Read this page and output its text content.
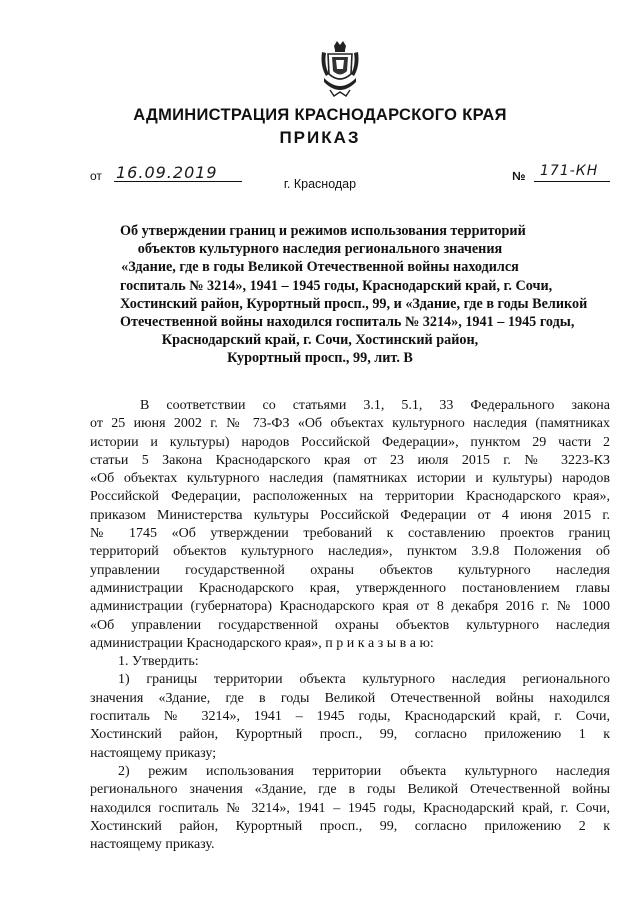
АДМИНИСТРАЦИЯ КРАСНОДАРСКОГО КРАЯ
ПРИКАЗ
от 16.09.2019	№	171-КН
г. Краснодар
Об утверждении границ и режимов использования территорий
объектов культурного наследия регионального значения
«Здание, где в годы Великой Отечественной войны находился
госпиталь № 3214», 1941 – 1945 годы, Краснодарский край, г. Сочи,
Хостинский район, Курортный просп., 99, и «Здание, где в годы Великой
Отечественной войны находился госпиталь № 3214», 1941 – 1945 годы,
Краснодарский край, г. Сочи, Хостинский район,
Курортный просп., 99, лит. В
В соответствии со статьями 3.1, 5.1, 33 Федерального закона
от 25 июня 2002 г. № 73-ФЗ «Об объектах культурного наследия (памятниках
истории и культуры) народов Российской Федерации», пунктом 29 части 2
статьи 5 Закона Краснодарского края от 23 июля 2015 г. № 3223-КЗ
«Об объектах культурного наследия (памятниках истории и культуры) народов
Российской Федерации, расположенных на территории Краснодарского края»,
приказом Министерства культуры Российской Федерации от 4 июня 2015 г.
№ 1745 «Об утверждении требований к составлению проектов границ
территорий объектов культурного наследия», пунктом 3.9.8 Положения об
управлении государственной охраны объектов культурного наследия
администрации Краснодарского края, утвержденного постановлением главы
администрации (губернатора) Краснодарского края от 8 декабря 2016 г. № 1000
«Об управлении государственной охраны объектов культурного наследия
администрации Краснодарского края», п р и к а з ы в а ю:
1. Утвердить:
1) границы территории объекта культурного наследия регионального
значения «Здание, где в годы Великой Отечественной войны находился
госпиталь № 3214», 1941 – 1945 годы, Краснодарский край, г. Сочи,
Хостинский район, Курортный просп., 99, согласно приложению 1 к
настоящему приказу;
2) режим использования территории объекта культурного наследия
регионального значения «Здание, где в годы Великой Отечественной войны
находился госпиталь № 3214», 1941 – 1945 годы, Краснодарский край, г. Сочи,
Хостинский район, Курортный просп., 99, согласно приложению 2 к
настоящему приказу.
